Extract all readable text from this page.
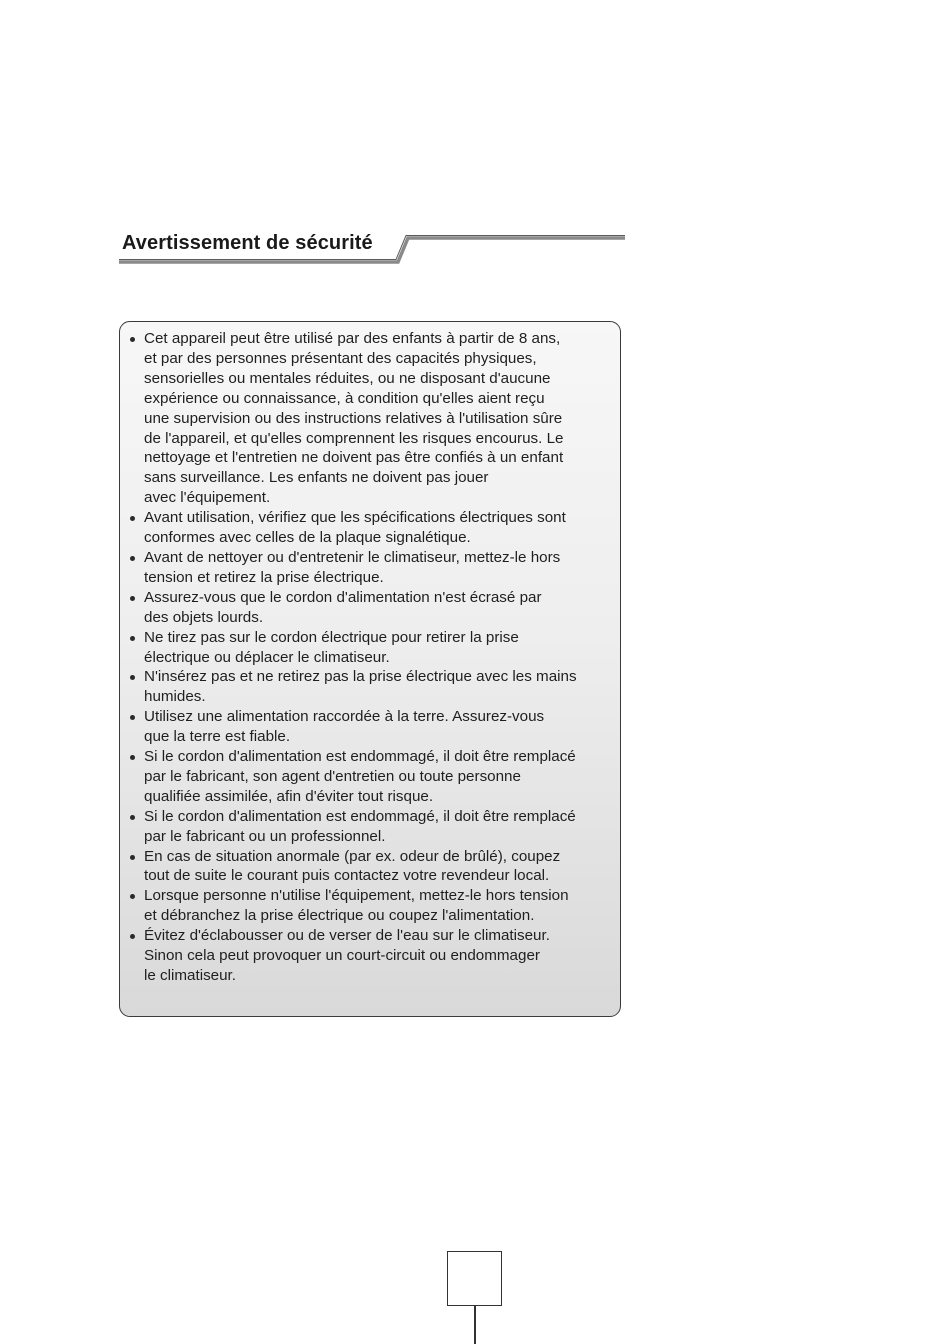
Avertissement de sécurité
Cet appareil peut être utilisé par des enfants à partir de 8 ans,
et par des personnes présentant des capacités physiques,
sensorielles ou mentales réduites, ou ne disposant d'aucune
expérience ou connaissance, à condition qu'elles aient reçu
une supervision ou des instructions relatives à l'utilisation sûre
de l'appareil, et qu'elles comprennent les risques encourus. Le
nettoyage et l'entretien ne doivent pas être confiés à un enfant
sans surveillance. Les enfants ne doivent pas jouer
avec l'équipement.
Avant utilisation, vérifiez que les spécifications électriques sont
conformes avec celles de la plaque signalétique.
Avant de nettoyer ou d'entretenir le climatiseur, mettez-le hors
tension et retirez la prise électrique.
Assurez-vous que le cordon d'alimentation n'est écrasé par
des objets lourds.
Ne tirez pas sur le cordon électrique pour retirer la prise
électrique ou déplacer le climatiseur.
N'insérez pas et ne retirez pas la prise électrique avec les mains
humides.
Utilisez une alimentation raccordée à la terre. Assurez-vous
que la terre est fiable.
Si le cordon d'alimentation est endommagé, il doit être remplacé
par le fabricant, son agent d'entretien ou toute personne
qualifiée assimilée, afin d'éviter tout risque.
Si le cordon d'alimentation est endommagé, il doit être remplacé
par le fabricant ou un professionnel.
En cas de situation anormale (par ex. odeur de brûlé), coupez
tout de suite le courant puis contactez votre revendeur local.
Lorsque personne n'utilise l'équipement, mettez-le hors tension
et débranchez la prise électrique ou coupez l'alimentation.
Évitez d'éclabousser ou de verser de l'eau sur le climatiseur.
Sinon cela peut provoquer un court-circuit ou endommager
le climatiseur.
